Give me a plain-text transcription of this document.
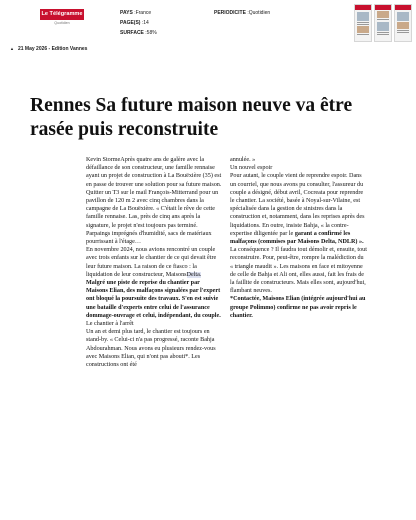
Le Télégramme
Quotidien
PAYS :France
PAGE(S) :14
SURFACE :58%
PERIODICITE :Quotidien
▲ 21 May 2026 - Edition Vannes
Rennes Sa future maison neuve va être rasée puis reconstruite

Kevin StormeAprès quatre ans de galère avec la défaillance de son constructeur, une famille rennaise ayant un projet de construction à La Bouëxière (35) est en passe de trouver une solution pour sa future maison.

Quitter un T3 sur le mail François-Mitterrand pour un pavillon de 120 m 2 avec cinq chambres dans la campagne de La Bouëxière. « C'était le rêve de cette famille rennaise. Las, près de cinq ans après la signature, le projet n'est toujours pas terminé. Parpaings imprégnés d'humidité, sacs de matériaux pourrissant à l'étage…

En novembre 2024, nous avions rencontré un couple avec trois enfants sur le chantier de ce qui devait être leur future maison. La raison de ce fiasco : la liquidation de leur constructeur, MaisonsDelta. Malgré une piste de reprise du chantier par Maisons Elian, des malfaçons signalées par l'expert ont bloqué la poursuite des travaux. S'en est suivie une bataille d'experts entre celui de l'assurance dommage-ouvrage et celui, indépendant, du couple.

Le chantier à l'arrêt

Un an et demi plus tard, le chantier est toujours en stand-by. « Celui-ci n'a pas progressé, raconte Bahja Abdourahman. Nous avons eu plusieurs rendez-vous avec Maisons Elian, qui n'ont pas abouti*. Les constructions ont été

annulée. »

Un nouvel espoir

Pour autant, le couple vient de reprendre espoir. Dans un courriel, que nous avons pu consulter, l'assureur du couple a désigné, début avril, Cocreata pour reprendre le chantier. La société, basée à Noyal-sur-Vilaine, est spécialisée dans la gestion de sinistres dans la construction et, notamment, dans les reprises après des liquidations. En outre, insiste Bahja, « la contre-expertise diligentée par le garant a confirmé les malfaçons (commises par Maisons Delta, NDLR) ».

La conséquence ? Il faudra tout démolir et, ensuite, tout reconstruire. Pour, peut-être, rompre la malédiction du « triangle maudit ». Les maisons en face et mitoyenne de celle de Bahja et Ali ont, elles aussi, fait les frais de la faillite de constructeurs. Mais elles sont, aujourd'hui, flambant neuves.

*Contactée, Maisons Elian (intégrée aujourd'hui au groupe Polimmo) confirme ne pas avoir repris le chantier.
